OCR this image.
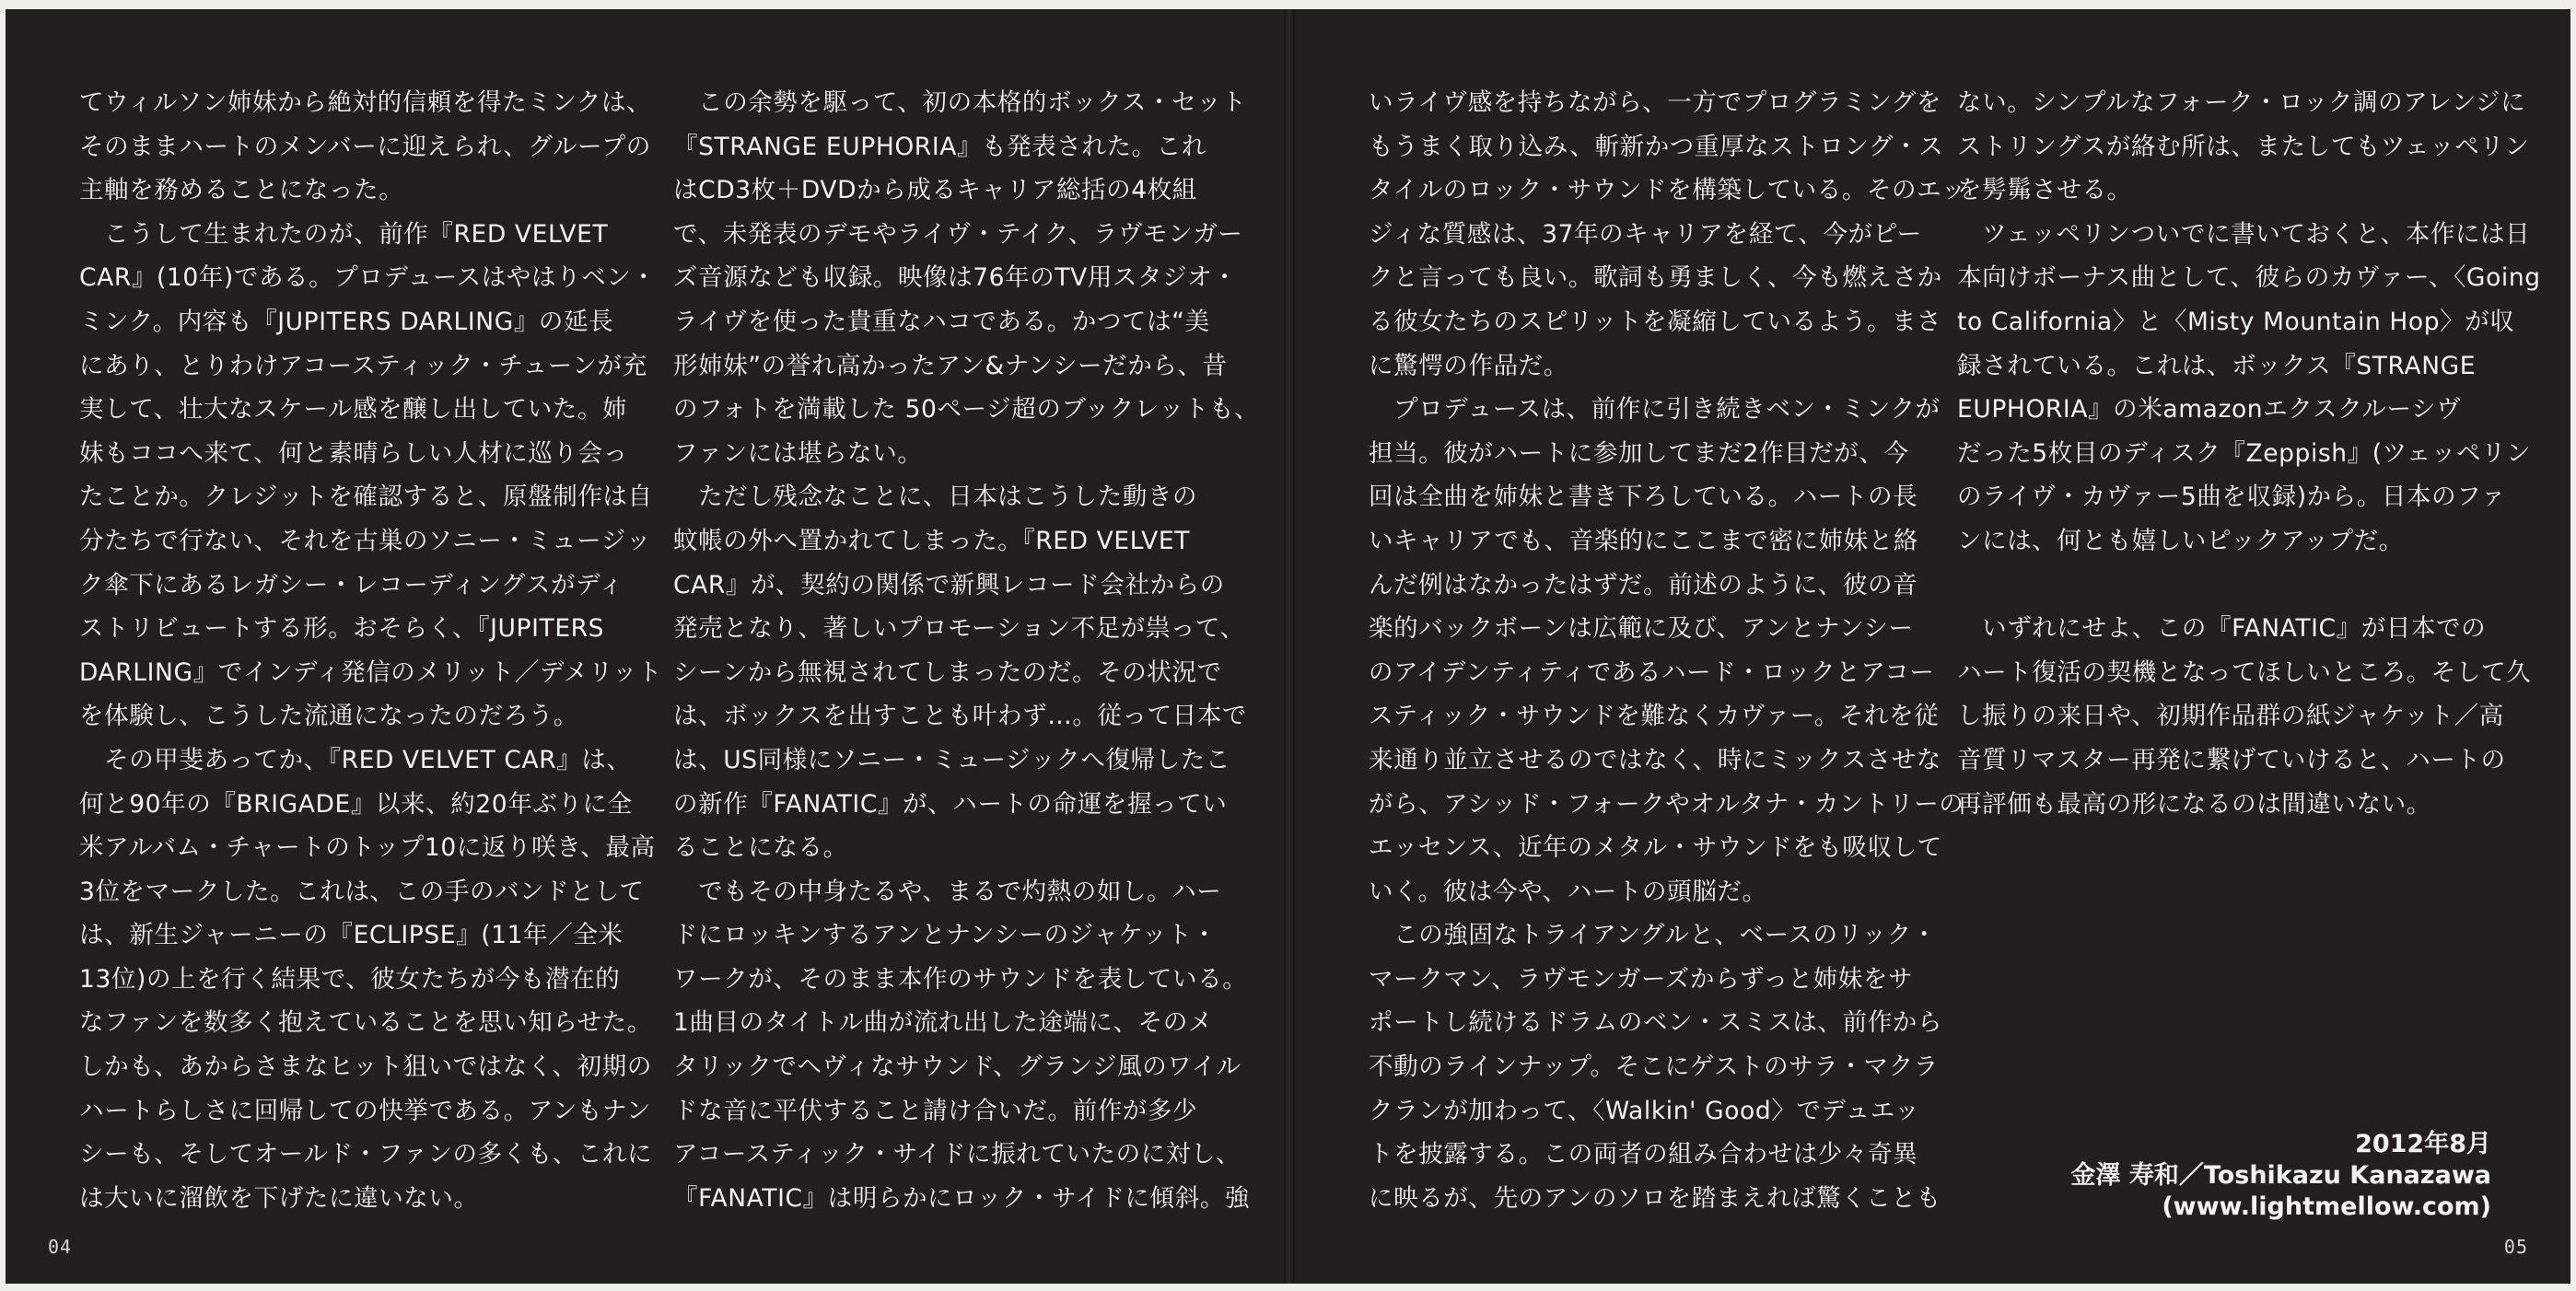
てウィルソン姉妹から絶対的信頼を得たミンクは、

そのままハートのメンバーに迎えられ、グループの

主軸を務めることになった。

　こうして生まれたのが、前作『RED VELVET

CAR』(10年)である。プロデュースはやはりベン・

ミンク。内容も『JUPITERS DARLING』の延長

にあり、とりわけアコースティック・チューンが充

実して、壮大なスケール感を醸し出していた。姉

妹もココへ来て、何と素晴らしい人材に巡り会っ

たことか。クレジットを確認すると、原盤制作は自

分たちで行ない、それを古巣のソニー・ミュージッ

ク傘下にあるレガシー・レコーディングスがディ

ストリビュートする形。おそらく、『JUPITERS

DARLING』でインディ発信のメリット／デメリット

を体験し、こうした流通になったのだろう。

　その甲斐あってか、『RED VELVET CAR』は、

何と90年の『BRIGADE』以来、約20年ぶりに全

米アルバム・チャートのトップ10に返り咲き、最高

3位をマークした。これは、この手のバンドとして

は、新生ジャーニーの『ECLIPSE』(11年／全米

13位)の上を行く結果で、彼女たちが今も潜在的

なファンを数多く抱えていることを思い知らせた。

しかも、あからさまなヒット狙いではなく、初期の

ハートらしさに回帰しての快挙である。アンもナン

シーも、そしてオールド・ファンの多くも、これに

は大いに溜飲を下げたに違いない。

　この余勢を駆って、初の本格的ボックス・セット

『STRANGE EUPHORIA』も発表された。これ

はCD3枚＋DVDから成るキャリア総括の4枚組

で、未発表のデモやライヴ・テイク、ラヴモンガー

ズ音源なども収録。映像は76年のTV用スタジオ・

ライヴを使った貴重なハコである。かつては“美

形姉妹”の誉れ高かったアン&ナンシーだから、昔

のフォトを満載した 50ページ超のブックレットも、

ファンには堪らない。

　ただし残念なことに、日本はこうした動きの

蚊帳の外へ置かれてしまった。『RED VELVET

CAR』が、契約の関係で新興レコード会社からの

発売となり、著しいプロモーション不足が祟って、

シーンから無視されてしまったのだ。その状況で

は、ボックスを出すことも叶わず…。従って日本で

は、US同様にソニー・ミュージックへ復帰したこ

の新作『FANATIC』が、ハートの命運を握ってい

ることになる。

　でもその中身たるや、まるで灼熱の如し。ハー

ドにロッキンするアンとナンシーのジャケット・

ワークが、そのまま本作のサウンドを表している。

1曲目のタイトル曲が流れ出した途端に、そのメ

タリックでヘヴィなサウンド、グランジ風のワイル

ドな音に平伏すること請け合いだ。前作が多少

アコースティック・サイドに振れていたのに対し、

『FANATIC』は明らかにロック・サイドに傾斜。強

04

いライヴ感を持ちながら、一方でプログラミングを

もうまく取り込み、斬新かつ重厚なストロング・ス

タイルのロック・サウンドを構築している。そのエッ

ジィな質感は、37年のキャリアを経て、今がピー

クと言っても良い。歌詞も勇ましく、今も燃えさか

る彼女たちのスピリットを凝縮しているよう。まさ

に驚愕の作品だ。

　プロデュースは、前作に引き続きベン・ミンクが

担当。彼がハートに参加してまだ2作目だが、今

回は全曲を姉妹と書き下ろしている。ハートの長

いキャリアでも、音楽的にここまで密に姉妹と絡

んだ例はなかったはずだ。前述のように、彼の音

楽的バックボーンは広範に及び、アンとナンシー

のアイデンティティであるハード・ロックとアコー

スティック・サウンドを難なくカヴァー。それを従

来通り並立させるのではなく、時にミックスさせな

がら、アシッド・フォークやオルタナ・カントリーの

エッセンス、近年のメタル・サウンドをも吸収して

いく。彼は今や、ハートの頭脳だ。

　この強固なトライアングルと、ベースのリック・

マークマン、ラヴモンガーズからずっと姉妹をサ

ポートし続けるドラムのベン・スミスは、前作から

不動のラインナップ。そこにゲストのサラ・マクラ

クランが加わって、〈Walkin' Good〉でデュエッ

トを披露する。この両者の組み合わせは少々奇異

に映るが、先のアンのソロを踏まえれば驚くことも

ない。シンプルなフォーク・ロック調のアレンジに

ストリングスが絡む所は、またしてもツェッペリン

を髣髴させる。

　ツェッペリンついでに書いておくと、本作には日

本向けボーナス曲として、彼らのカヴァー、〈Going

to California〉と〈Misty Mountain Hop〉が収

録されている。これは、ボックス『STRANGE

EUPHORIA』の米amazonエクスクルーシヴ

だった5枚目のディスク『Zeppish』(ツェッペリン

のライヴ・カヴァー5曲を収録)から。日本のファ

ンには、何とも嬉しいピックアップだ。

　いずれにせよ、この『FANATIC』が日本での

ハート復活の契機となってほしいところ。そして久

し振りの来日や、初期作品群の紙ジャケット／高

音質リマスター再発に繋げていけると、ハートの

再評価も最高の形になるのは間違いない。

2012年8月
金澤 寿和／Toshikazu Kanazawa
(www.lightmellow.com)
05
